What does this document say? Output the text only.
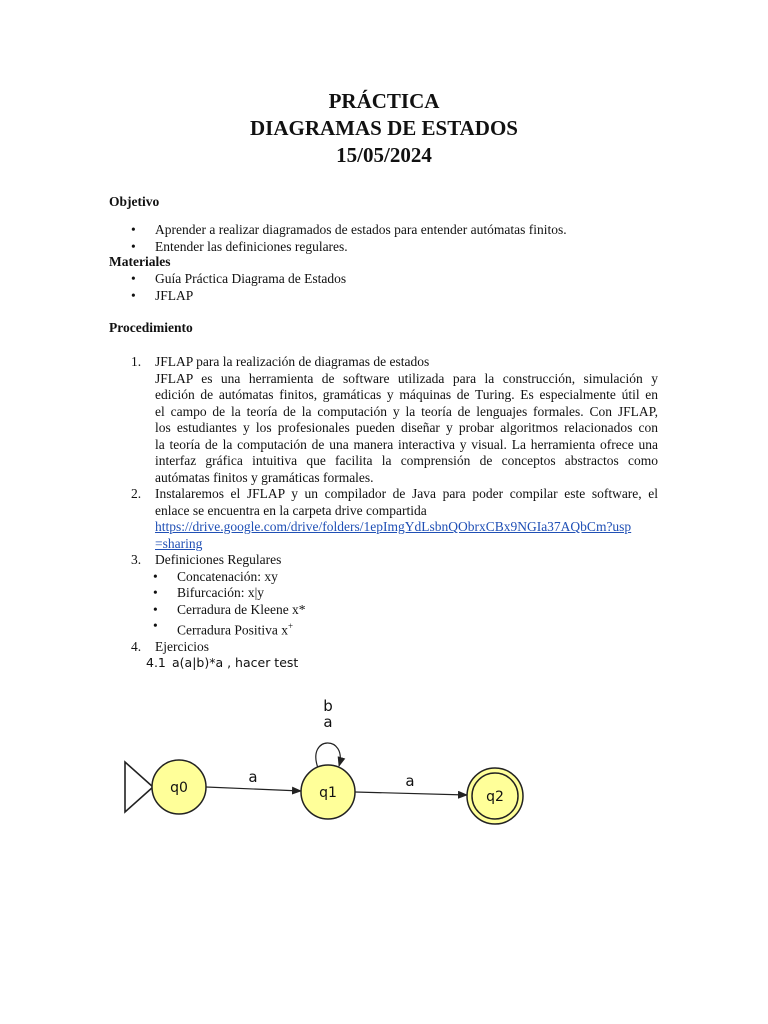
PRÁCTICA
DIAGRAMAS DE ESTADOS
15/05/2024
Objetivo
•	Aprender a realizar diagramados de estados para entender autómatas finitos.
•	Entender las definiciones regulares.
Materiales
•	Guía Práctica Diagrama de Estados
•	JFLAP
Procedimiento
1.	JFLAP para la realización de diagramas de estados
JFLAP es una herramienta de software utilizada para la construcción, simulación y
edición de autómatas finitos, gramáticas y máquinas de Turing. Es especialmente útil en
el campo de la teoría de la computación y la teoría de lenguajes formales. Con JFLAP,
los estudiantes y los profesionales pueden diseñar y probar algoritmos relacionados con
la teoría de la computación de una manera interactiva y visual. La herramienta ofrece una
interfaz gráfica intuitiva que facilita la comprensión de conceptos abstractos como
autómatas finitos y gramáticas formales.
2.	Instalaremos el JFLAP y un compilador de Java para poder compilar este software, el
enlace se encuentra en la carpeta drive compartida
https://drive.google.com/drive/folders/1epImgYdLsbnQObrxCBx9NGIa37AQbCm?usp
=sharing
3.	Definiciones Regulares
•	Concatenación: xy
•	Bifurcación: x|y
•	Cerradura de Kleene x*
•	Cerradura Positiva x+
4.	Ejercicios
4.1 a(a|b)*a , hacer test
q0	q1	q2
a	a
b
a
